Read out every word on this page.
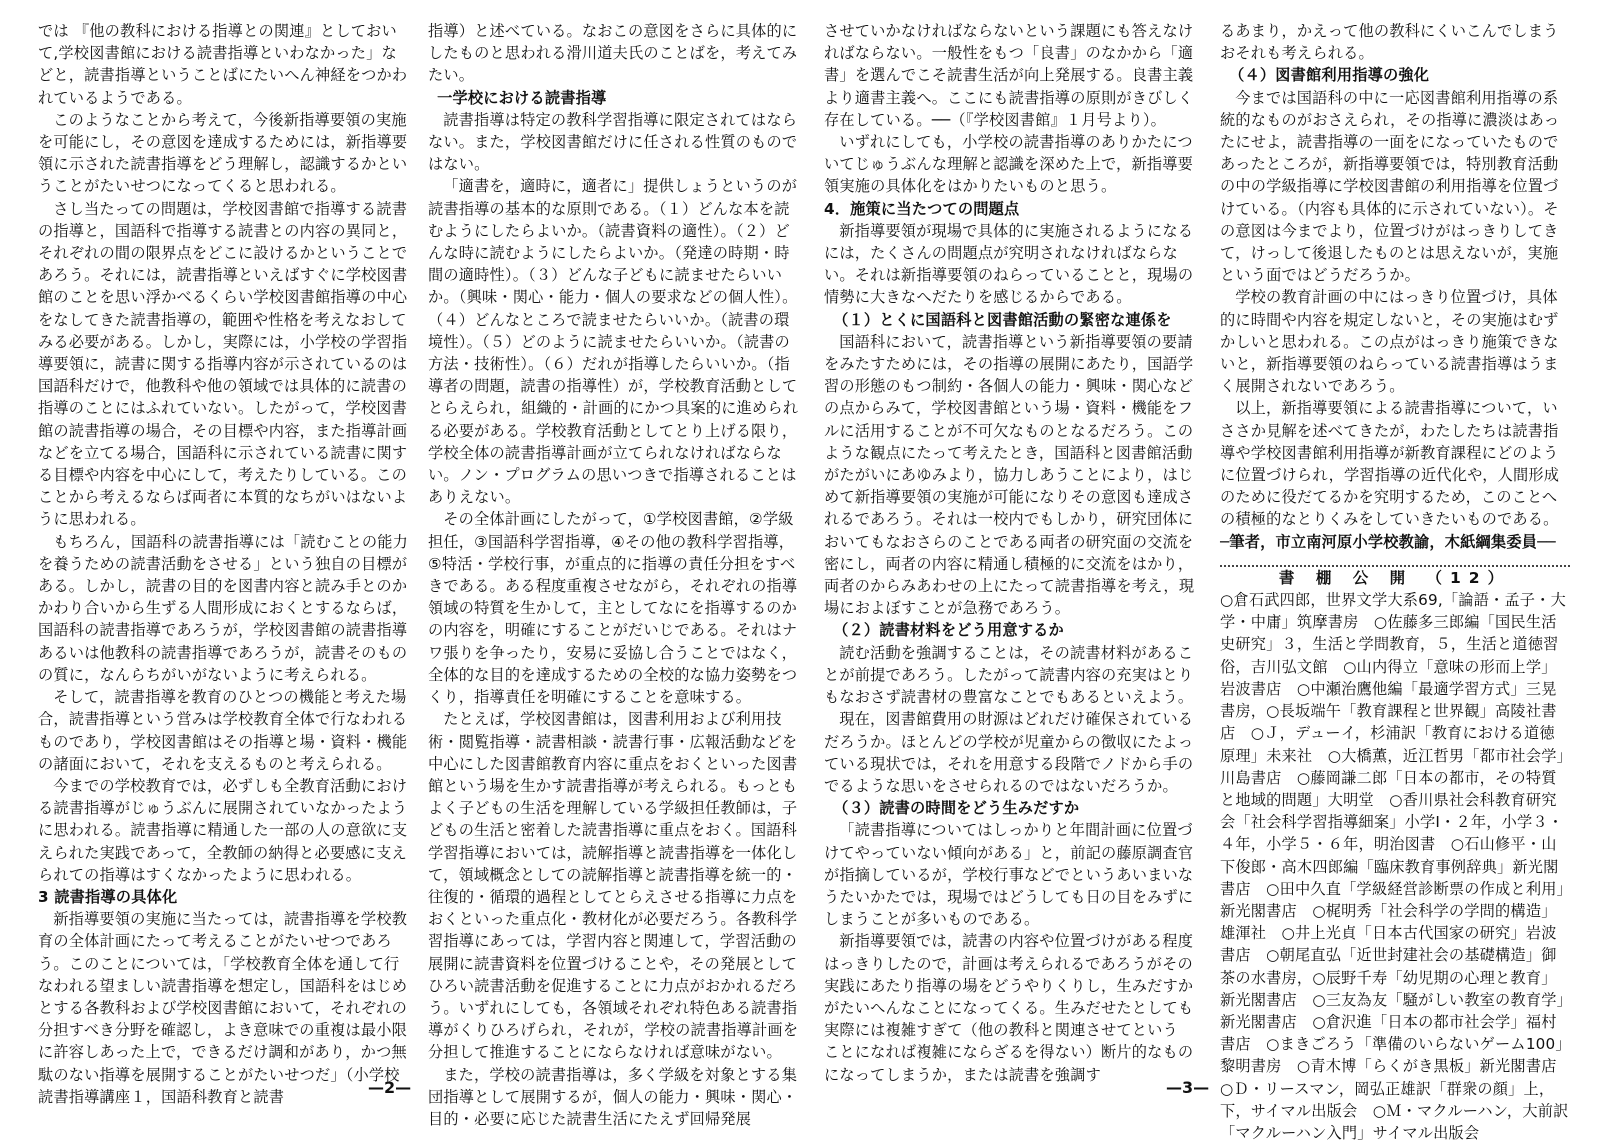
では 『他の教科における指導との関連』としておいて,学校図書館における読書指導といわなかった」などと，読書指導ということばにたいへん神経をつかわれているようである。

このようなことから考えて，今後新指導要領の実施を可能にし，その意図を達成するためには，新指導要領に示された読書指導をどう理解し，認識するかということがたいせつになってくると思われる。

さし当たっての問題は，学校図書館で指導する読書の指導と，国語科で指導する読書との内容の異同と，それぞれの間の限界点をどこに設けるかということであろう。それには，読書指導といえばすぐに学校図書館のことを思い浮かべるくらい学校図書館指導の中心をなしてきた読書指導の，範囲や性格を考えなおしてみる必要がある。しかし，実際には，小学校の学習指導要領に，読書に関する指導内容が示されているのは国語科だけで，他教科や他の領域では具体的に読書の指導のことにはふれていない。したがって，学校図書館の読書指導の場合，その目標や内容，また指導計画などを立てる場合，国語科に示されている読書に関する目標や内容を中心にして，考えたりしている。このことから考えるならば両者に本質的なちがいはないように思われる。

もちろん，国語科の読書指導には「読むことの能力を養うための読書活動をさせる」という独自の目標がある。しかし，読書の目的を図書内容と読み手とのかかわり合いから生ずる人間形成におくとするならば，国語科の読書指導であろうが，学校図書館の読書指導あるいは他教科の読書指導であろうが，読書そのものの質に，なんらちがいがないように考えられる。

そして，読書指導を教育のひとつの機能と考えた場合，読書指導という営みは学校教育全体で行なわれるものであり，学校図書館はその指導と場・資料・機能の諸面において，それを支えるものと考えられる。

今までの学校教育では，必ずしも全教育活動における読書指導がじゅうぶんに展開されていなかったように思われる。読書指導に精通した一部の人の意欲に支えられた実践であって，全教師の納得と必要感に支えられての指導はすくなかったように思われる。

3 読書指導の具体化

新指導要領の実施に当たっては，読書指導を学校教育の全体計画にたって考えることがたいせつであろう。このことについては，「学校教育全体を通して行なわれる望ましい読書指導を想定し，国語科をはじめとする各教科および学校図書館において，それぞれの分担すべき分野を確認し，よき意味での重複は最小限に許容しあった上で，できるだけ調和があり，かつ無駄のない指導を展開することがたいせつだ」（小学校読書指導講座１，国語科教育と読書

指導）と述べている。なおこの意図をさらに具体的にしたものと思われる滑川道夫氏のことばを，考えてみたい。

一学校における読書指導

読書指導は特定の教科学習指導に限定されてはならない。また，学校図書館だけに任される性質のものではない。

「適書を，適時に，適者に」提供しょうというのが読書指導の基本的な原則である。（１）どんな本を読むようにしたらよいか。（読書資料の適性）。（２）どんな時に読むようにしたらよいか。（発達の時期・時間の適時性）。（３）どんな子どもに読ませたらいいか。（興味・関心・能力・個人の要求などの個人性）。（４）どんなところで読ませたらいいか。（読書の環境性）。（５）どのように読ませたらいいか。（読書の方法・技術性）。（６）だれが指導したらいいか。（指導者の問題，読書の指導性）が，学校教育活動としてとらえられ，組織的・計画的にかつ具案的に進められる必要がある。学校教育活動としてとり上げる限り，学校全体の読書指導計画が立てられなければならない。ノン・プログラムの思いつきで指導されることはありえない。

その全体計画にしたがって，①学校図書館，②学級担任，③国語科学習指導，④その他の教科学習指導，⑤特活・学校行事，が重点的に指導の責任分担をすべきである。ある程度重複させながら，それぞれの指導領域の特質を生かして，主としてなにを指導するのかの内容を，明確にすることがだいじである。それはナワ張りを争ったり，安易に妥協し合うことではなく，全体的な目的を達成するための全校的な協力姿勢をつくり，指導責任を明確にすることを意味する。

たとえば，学校図書館は，図書利用および利用技術・閲覧指導・読書相談・読書行事・広報活動などを中心にした図書館教育内容に重点をおくといった図書館という場を生かす読書指導が考えられる。もっともよく子どもの生活を理解している学級担任教師は，子どもの生活と密着した読書指導に重点をおく。国語科学習指導においては，読解指導と読書指導を一体化して，領域概念としての読解指導と読書指導を統一的・往復的・循環的過程としてとらえさせる指導に力点をおくといった重点化・教材化が必要だろう。各教科学習指導にあっては，学習内容と関連して，学習活動の展開に読書資料を位置づけることや，その発展としてひろい読書活動を促進することに力点がおかれるだろう。いずれにしても，各領域それぞれ特色ある読書指導がくりひろげられ，それが，学校の読書指導計画を分担して推進することにならなければ意味がない。

また，学校の読書指導は，多く学級を対象とする集団指導として展開するが，個人の能力・興味・関心・目的・必要に応じた読書生活にたえず回帰発展

させていかなければならないという課題にも答えなければならない。一般性をもつ「良書」のなかから「適書」を選んでこそ読書生活が向上発展する。良書主義より適書主義へ。ここにも読書指導の原則がきびしく存在している。──（『学校図書館』１月号より）。

いずれにしても，小学校の読書指導のありかたについてじゅうぶんな理解と認識を深めた上で，新指導要領実施の具体化をはかりたいものと思う。

4．施策に当たつての問題点

新指導要領が現場で具体的に実施されるようになるには，たくさんの問題点が究明されなければならない。それは新指導要領のねらっていることと，現場の情勢に大きなへだたりを感じるからである。

（１）とくに国語科と図書館活動の緊密な連係を

国語科において，読書指導という新指導要領の要請をみたすためには，その指導の展開にあたり，国語学習の形態のもつ制約・各個人の能力・興味・関心などの点からみて，学校図書館という場・資料・機能をフルに活用することが不可欠なものとなるだろう。このような観点にたって考えたとき，国語科と図書館活動がたがいにあゆみより，協力しあうことにより，はじめて新指導要領の実施が可能になりその意図も達成されるであろう。それは一校内でもしかり，研究団体においてもなおさらのことである両者の研究面の交流を密にし，両者の内容に精通し積極的に交流をはかり，両者のからみあわせの上にたって読書指導を考え，現場におよぼすことが急務であろう。

（２）読書材料をどう用意するか

読む活動を強調することは，その読書材料があることが前提であろう。したがって読書内容の充実はとりもなおさず読書材の豊富なことでもあるといえよう。

現在，図書館費用の財源はどれだけ確保されているだろうか。ほとんどの学校が児童からの徴収にたよっている現状では，それを用意する段階でノドから手のでるような思いをさせられるのではないだろうか。

（３）読書の時間をどう生みだすか

「読書指導についてはしっかりと年間計画に位置づけてやっていない傾向がある」と，前記の藤原調査官が指摘しているが，学校行事などでというあいまいなうたいかたでは，現場ではどうしても日の目をみずにしまうことが多いものである。

新指導要領では，読書の内容や位置づけがある程度はっきりしたので，計画は考えられるであろうがその実践にあたり指導の場をどうやりくりし，生みだすかがたいへんなことになってくる。生みだせたとしても実際には複雑すぎて（他の教科と関連させてという ことになれば複雑にならざるを得ない）断片的なものになってしまうか，または読書を強調す

るあまり，かえって他の教科にくいこんでしまうおそれも考えられる。

（４）図書館利用指導の強化

今までは国語科の中に一応図書館利用指導の系統的なものがおさえられ，その指導に濃淡はあったにせよ，読書指導の一面をになっていたものであったところが，新指導要領では，特別教育活動の中の学級指導に学校図書館の利用指導を位置づけている。（内容も具体的に示されていない）。その意図は今までより，位置づけがはっきりしてきて，けっして後退したものとは思えないが，実施という面ではどうだろうか。

学校の教育計画の中にはっきり位置づけ，具体的に時間や内容を規定しないと，その実施はむずかしいと思われる。この点がはっきり施策できないと，新指導要領のねらっている読書指導はうまく展開されないであろう。

以上，新指導要領による読書指導について，いささか見解を述べてきたが，わたしたちは読書指導や学校図書館利用指導が新教育課程にどのように位置づけられ，学習指導の近代化や，人間形成のために役だてるかを究明するため，このことへの積極的なとりくみをしていきたいものである。

─筆者，市立南河原小学校教諭，木紙綱集委員──

書 棚 公 開 （12）

○倉石武四郎，世界文学大系69,「論語・孟子・大学・中庸」筑摩書房　○佐藤多三郎編「国民生活史研究」３，生活と学問教育，５，生活と道徳習俗，吉川弘文館　○山内得立「意味の形而上学」岩波書店　○中瀬治鷹他編「最適学習方式」三晃書房，○長坂端午「教育課程と世界観」高陵社書店　○Ｊ，デューイ，杉浦訳「教育における道徳原理」未来社　○大橋薫，近江哲男「都市社会学」川島書店　○藤岡謙二郎「日本の都市，その特質と地域的問題」大明堂　○香川県社会科教育研究会「社会科学習指導細案」小学Ⅰ・２年，小学３・４年，小学５・６年，明治図書　○石山修平・山下俊郎・高木四郎編「臨床教育事例辞典」新光閣書店　○田中久直「学級経営診断票の作成と利用」新光閣書店　○梶明秀「社会科学の学問的構造」雄渾社　○井上光貞「日本古代国家の研究」岩波書店　○朝尾直弘「近世封建社会の基礎構造」御茶の水書房，○辰野千寿「幼児期の心理と教育」新光閣書店　○三友為友「騒がしい教室の教育学」新光閣書店　○倉沢進「日本の都市社会学」福村書店　○まきごろう「準備のいらないゲーム100」黎明書房　○青木博「らくがき黒板」新光閣書店　○Ｄ・リースマン，岡弘正雄訳「群衆の顔」上，下，サイマル出版会　○Ｍ・マクルーハン，大前訳「マクルーハン入門」サイマル出版会

—2—	—3—
